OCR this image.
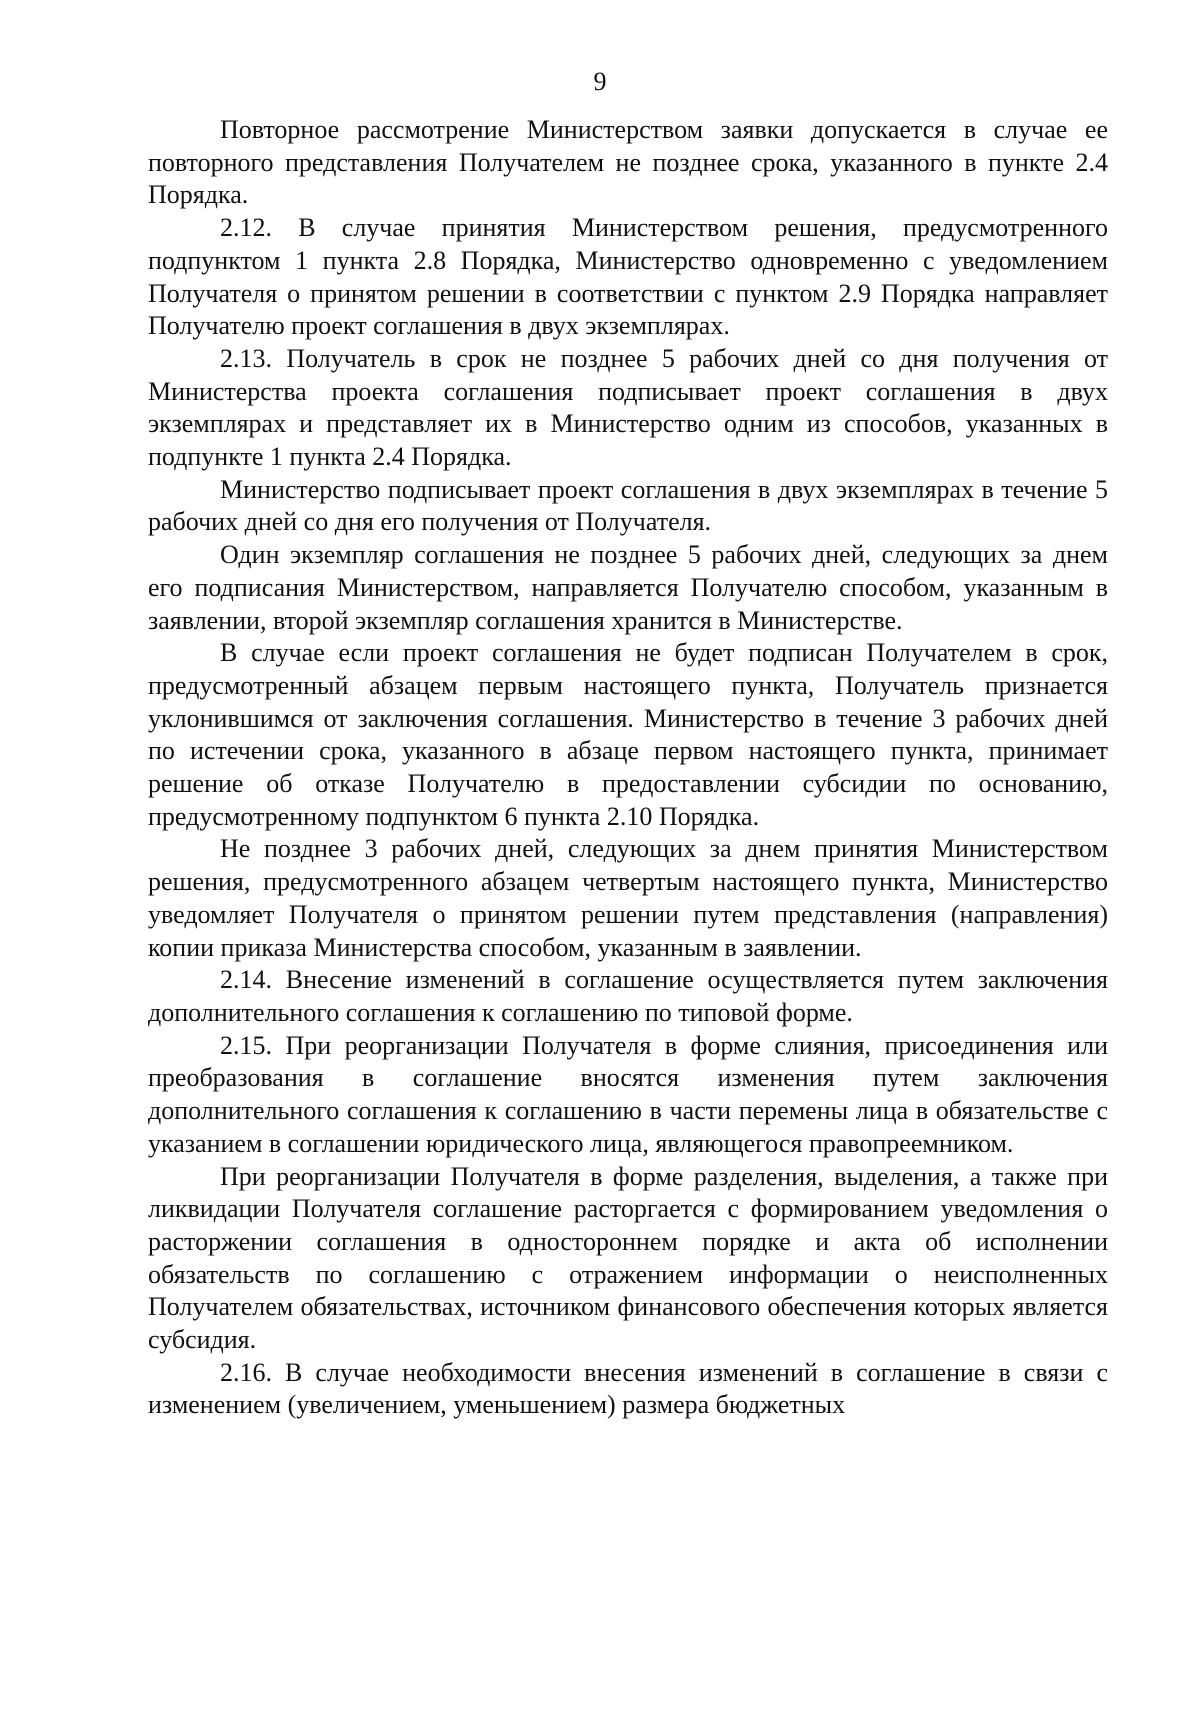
9

Повторное рассмотрение Министерством заявки допускается в случае ее повторного представления Получателем не позднее срока, указанного в пункте 2.4 Порядка.

2.12. В случае принятия Министерством решения, предусмотренного подпунктом 1 пункта 2.8 Порядка, Министерство одновременно с уведомлением Получателя о принятом решении в соответствии с пунктом 2.9 Порядка направляет Получателю проект соглашения в двух экземплярах.

2.13. Получатель в срок не позднее 5 рабочих дней со дня получения от Министерства проекта соглашения подписывает проект соглашения в двух экземплярах и представляет их в Министерство одним из способов, указанных в подпункте 1 пункта 2.4 Порядка.

Министерство подписывает проект соглашения в двух экземплярах в течение 5 рабочих дней со дня его получения от Получателя.

Один экземпляр соглашения не позднее 5 рабочих дней, следующих за днем его подписания Министерством, направляется Получателю способом, указанным в заявлении, второй экземпляр соглашения хранится в Министерстве.

В случае если проект соглашения не будет подписан Получателем в срок, предусмотренный абзацем первым настоящего пункта, Получатель признается уклонившимся от заключения соглашения. Министерство в течение 3 рабочих дней по истечении срока, указанного в абзаце первом настоящего пункта, принимает решение об отказе Получателю в предоставлении субсидии по основанию, предусмотренному подпунктом 6 пункта 2.10 Порядка.

Не позднее 3 рабочих дней, следующих за днем принятия Министерством решения, предусмотренного абзацем четвертым настоящего пункта, Министерство уведомляет Получателя о принятом решении путем представления (направления) копии приказа Министерства способом, указанным в заявлении.

2.14. Внесение изменений в соглашение осуществляется путем заключения дополнительного соглашения к соглашению по типовой форме.

2.15. При реорганизации Получателя в форме слияния, присоединения или преобразования в соглашение вносятся изменения путем заключения дополнительного соглашения к соглашению в части перемены лица в обязательстве с указанием в соглашении юридического лица, являющегося правопреемником.

При реорганизации Получателя в форме разделения, выделения, а также при ликвидации Получателя соглашение расторгается с формированием уведомления о расторжении соглашения в одностороннем порядке и акта об исполнении обязательств по соглашению с отражением информации о неисполненных Получателем обязательствах, источником финансового обеспечения которых является субсидия.

2.16. В случае необходимости внесения изменений в соглашение в связи с изменением (увеличением, уменьшением) размера бюджетных
